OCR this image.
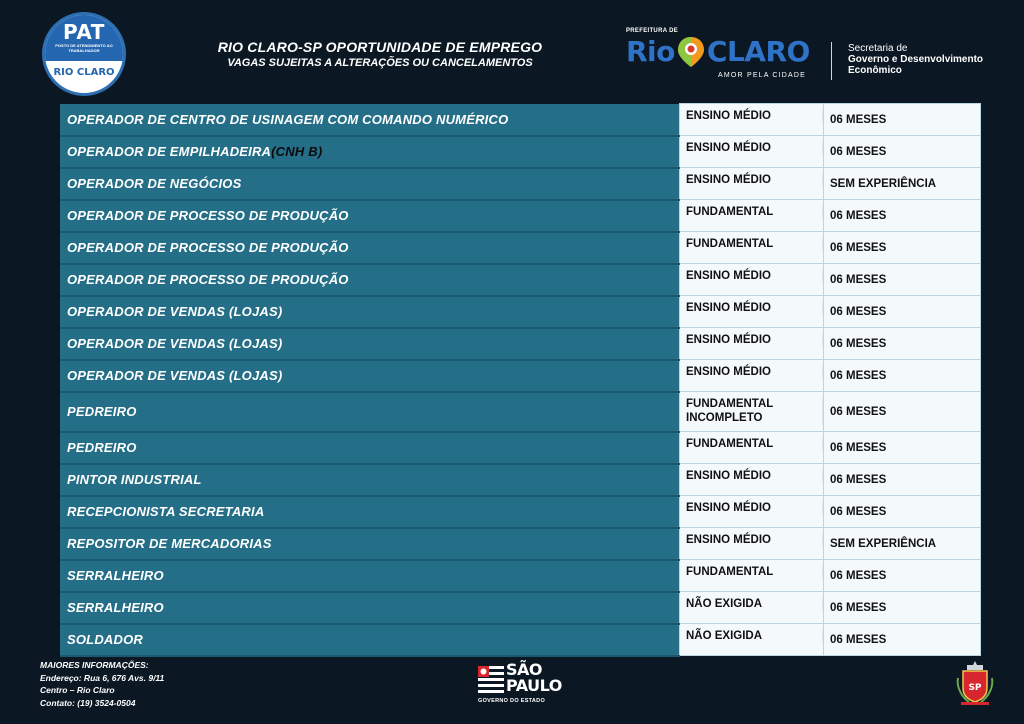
PAT
POSTO DE ATENDIMENTO AO TRABALHADOR
RIO CLARO
RIO CLARO-SP OPORTUNIDADE DE EMPREGO
VAGAS SUJEITAS A ALTERAÇÕES OU CANCELAMENTOS
PREFEITURA DE
Rio CLARO
AMOR PELA CIDADE
Secretaria de
Governo e Desenvolvimento
Econômico
OPERADOR DE CENTRO DE USINAGEM COM COMANDO NUMÉRICO	ENSINO MÉDIO	06 MESES
OPERADOR DE EMPILHADEIRA(CNH B)	ENSINO MÉDIO	06 MESES
OPERADOR DE NEGÓCIOS	ENSINO MÉDIO	SEM EXPERIÊNCIA
OPERADOR DE PROCESSO DE PRODUÇÃO	FUNDAMENTAL	06 MESES
OPERADOR DE PROCESSO DE PRODUÇÃO	FUNDAMENTAL	06 MESES
OPERADOR DE PROCESSO DE PRODUÇÃO	ENSINO MÉDIO	06 MESES
OPERADOR DE VENDAS (LOJAS)	ENSINO MÉDIO	06 MESES
OPERADOR DE VENDAS (LOJAS)	ENSINO MÉDIO	06 MESES
OPERADOR DE VENDAS (LOJAS)	ENSINO MÉDIO	06 MESES
PEDREIRO	FUNDAMENTAL INCOMPLETO	06 MESES
PEDREIRO	FUNDAMENTAL	06 MESES
PINTOR INDUSTRIAL	ENSINO MÉDIO	06 MESES
RECEPCIONISTA SECRETARIA	ENSINO MÉDIO	06 MESES
REPOSITOR DE MERCADORIAS	ENSINO MÉDIO	SEM EXPERIÊNCIA
SERRALHEIRO	FUNDAMENTAL	06 MESES
SERRALHEIRO	NÃO EXIGIDA	06 MESES
SOLDADOR	NÃO EXIGIDA	06 MESES
MAIORES INFORMAÇÕES:
Endereço: Rua 6, 676 Avs. 9/11
Centro – Rio Claro
Contato: (19) 3524-0504
SÃO
PAULO
GOVERNO DO ESTADO
SP
